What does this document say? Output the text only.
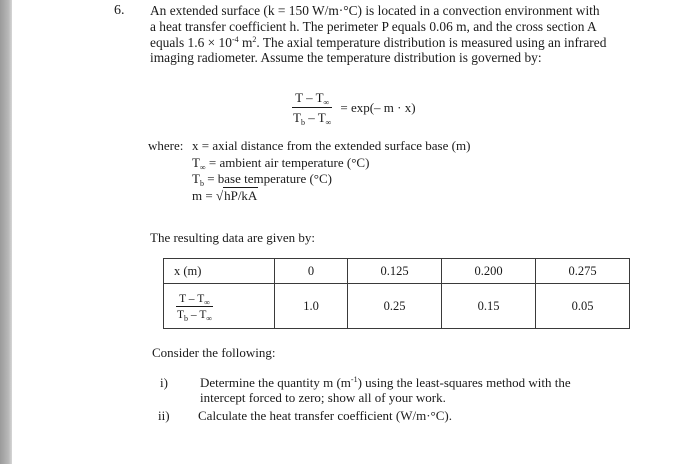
6. An extended surface (k = 150 W/m·°C) is located in a convection environment with
a heat transfer coefficient h. The perimeter P equals 0.06 m, and the cross section A
equals $1.6 \times 10^{-4}$ $m^2$. The axial temperature distribution is measured using an infrared
imaging radiometer. Assume the temperature distribution is governed by:

$\frac{T - T_\infty}{T_b - T_\infty} = \exp(-$ m · x)
where: x = axial distance from the extended surface base (m)
$T_\infty$ = ambient air temperature (°C)
$T_b$ = base temperature (°C)
m = √hP/kA
The resulting data are given by:
x (m)	0	0.125	0.200	0.275

$\frac{T - T_\infty}{T_b - T_\infty}$	1.0	0.25	0.15	0.05
Consider the following:
i) Determine the quantity m $(m^{-1})$ using the least-squares method with the
intercept forced to zero; show all of your work.
ii) Calculate the heat transfer coefficient (W/m·°C).
